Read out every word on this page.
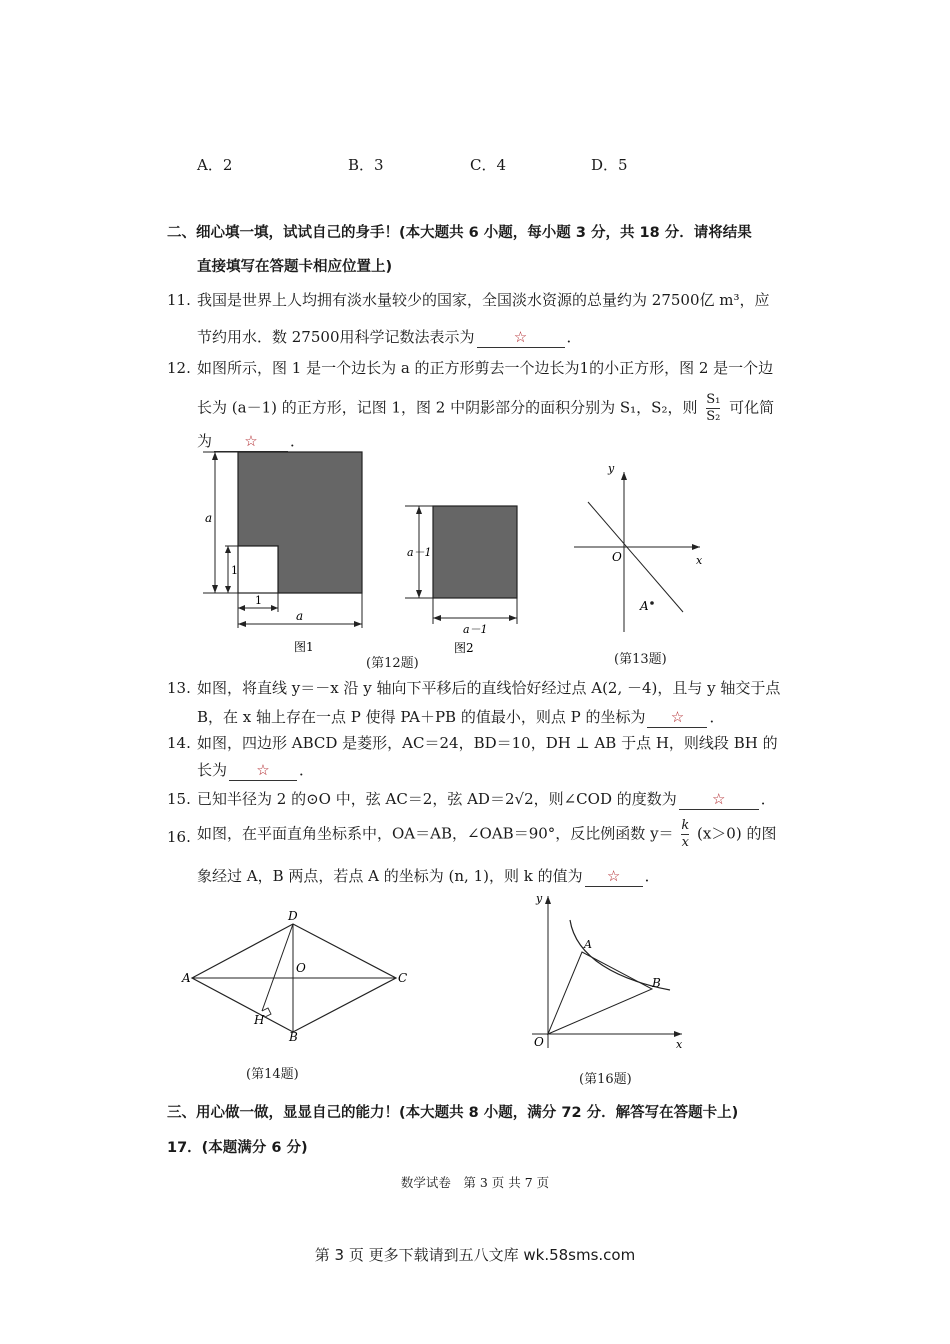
A．2	B．3	C．4	D．5
二、细心填一填，试试自己的身手！(本大题共 6 小题，每小题 3 分，共 18 分．请将结果
直接填写在答题卡相应位置上)
11. 我国是世界上人均拥有淡水量较少的国家，全国淡水资源的总量约为 27500亿 m³，应
节约用水．数 27500用科学记数法表示为	☆	．
12. 如图所示，图 1 是一个边长为 a 的正方形剪去一个边长为1的小正方形，图 2 是一个边
长为 (a－1) 的正方形，记图 1，图 2 中阴影部分的面积分别为 S₁，S₂，则 $\frac{\text{S₁}}{\text{S₂}}$ 可化简
为 ☆ ．
a
1
1
a
图1
a－1
a－1
图2
(第12题)
y
x
O
A
(第13题)
13. 如图，将直线 y＝－x 沿 y 轴向下平移后的直线恰好经过点 A(2, －4)，且与 y 轴交于点
B，在 x 轴上存在一点 P 使得 PA＋PB 的值最小，则点 P 的坐标为 ☆ ．
14. 如图，四边形 ABCD 是菱形，AC＝24，BD＝10，DH ⊥ AB 于点 H，则线段 BH 的
长为 ☆ ．
15. 已知半径为 2 的⊙O 中，弦 AC＝2，弦 AD＝2√2，则∠COD 的度数为 ☆ ．
16. 如图，在平面直角坐标系中，OA＝AB，∠OAB＝90°，反比例函数 $y= \frac{k}{x} (x>0)$ 的图
象经过 A，B 两点，若点 A 的坐标为 (n, 1)，则 k 的值为 ☆ ．
A
D
C
B
O
H
(第14题)
y
x
O
A
B
(第16题)
三、用心做一做，显显自己的能力！(本大题共 8 小题，满分 72 分．解答写在答题卡上)
17．(本题满分 6 分)
数学试卷　第 3 页 共 7 页
第 3 页 更多下载请到五八文库 wk.58sms.com
